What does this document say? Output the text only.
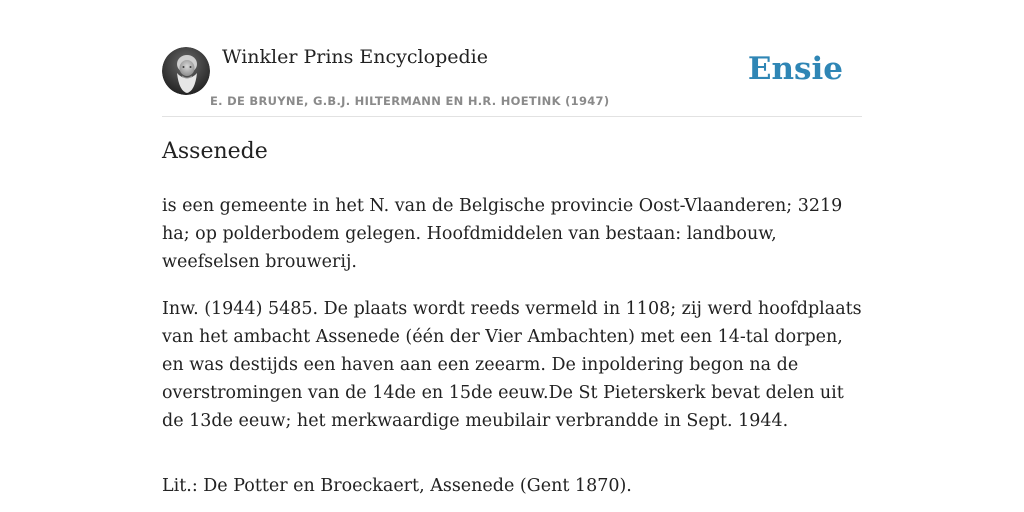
Winkler Prins Encyclopedie
E. DE BRUYNE, G.B.J. HILTERMANN EN H.R. HOETINK (1947)
Ensie
Assenede

is een gemeente in het N. van de Belgische provincie Oost-Vlaanderen; 3219 ha; op polderbodem gelegen. Hoofdmiddelen van bestaan: landbouw, weefselsen brouwerij.

Inw. (1944) 5485. De plaats wordt reeds vermeld in 1108; zij werd hoofdplaats van het ambacht Assenede (één der Vier Ambachten) met een 14-tal dorpen, en was destijds een haven aan een zeearm. De inpoldering begon na de overstromingen van de 14de en 15de eeuw.De St Pieterskerk bevat delen uit de 13de eeuw; het merkwaardige meubilair verbrandde in Sept. 1944.

Lit.: De Potter en Broeckaert, Assenede (Gent 1870).
